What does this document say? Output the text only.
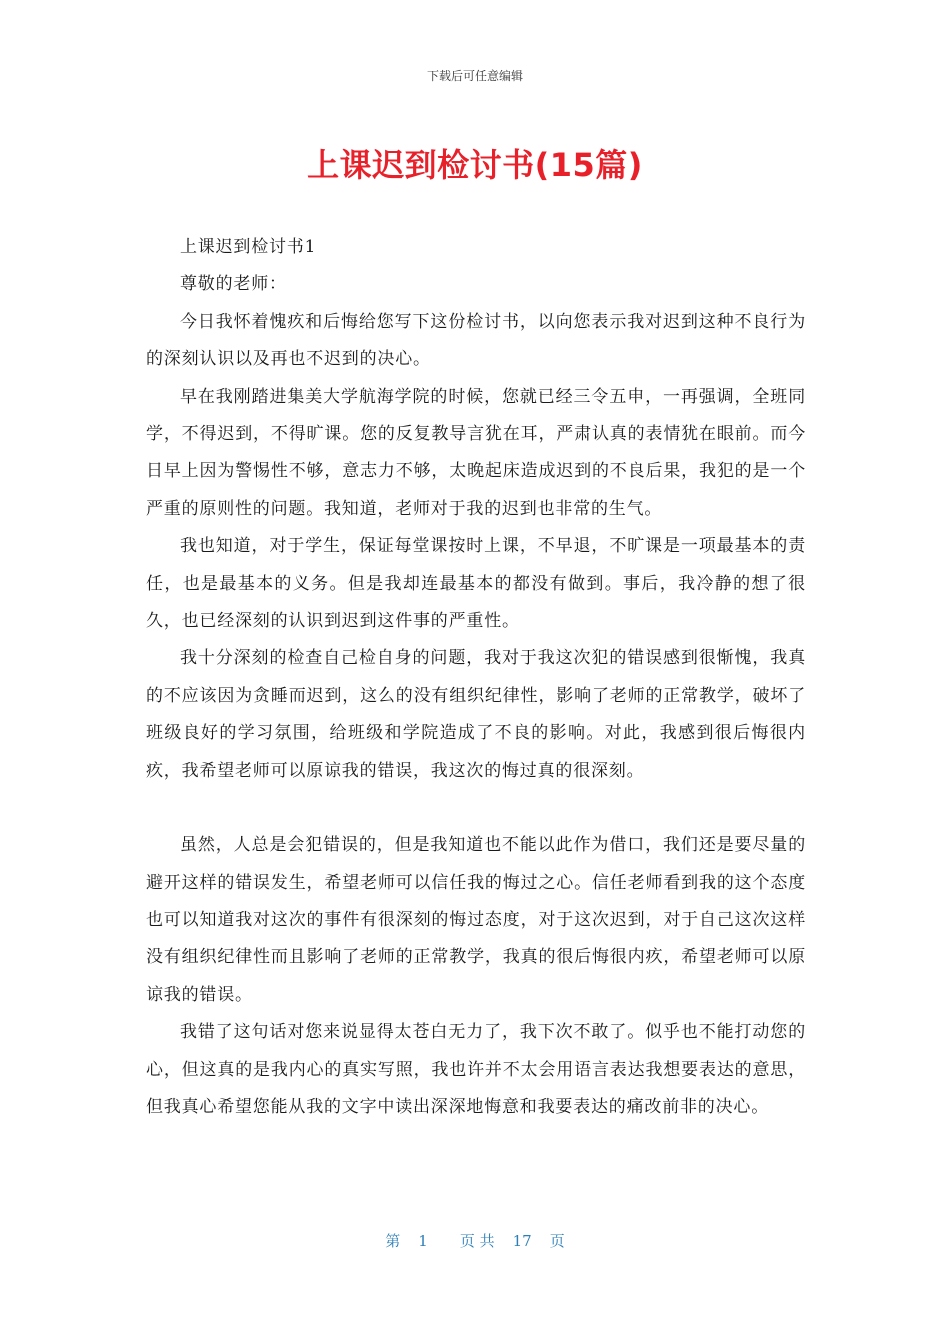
下载后可任意编辑
上课迟到检讨书(15篇)

上课迟到检讨书1

尊敬的老师：

今日我怀着愧疚和后悔给您写下这份检讨书，以向您表示我对迟到这种不良行为的深刻认识以及再也不迟到的决心。

早在我刚踏进集美大学航海学院的时候，您就已经三令五申，一再强调，全班同学，不得迟到，不得旷课。您的反复教导言犹在耳，严肃认真的表情犹在眼前。而今日早上因为警惕性不够，意志力不够，太晚起床造成迟到的不良后果，我犯的是一个严重的原则性的问题。我知道，老师对于我的迟到也非常的生气。

我也知道，对于学生，保证每堂课按时上课，不早退，不旷课是一项最基本的责任，也是最基本的义务。但是我却连最基本的都没有做到。事后，我冷静的想了很久，也已经深刻的认识到迟到这件事的严重性。

我十分深刻的检查自己检自身的问题，我对于我这次犯的错误感到很惭愧，我真的不应该因为贪睡而迟到，这么的没有组织纪律性，影响了老师的正常教学，破坏了班级良好的学习氛围，给班级和学院造成了不良的影响。对此，我感到很后悔很内疚，我希望老师可以原谅我的错误，我这次的悔过真的很深刻。

虽然，人总是会犯错误的，但是我知道也不能以此作为借口，我们还是要尽量的避开这样的错误发生，希望老师可以信任我的悔过之心。信任老师看到我的这个态度也可以知道我对这次的事件有很深刻的悔过态度，对于这次迟到，对于自己这次这样没有组织纪律性而且影响了老师的正常教学，我真的很后悔很内疚，希望老师可以原谅我的错误。

我错了这句话对您来说显得太苍白无力了，我下次不敢了。似乎也不能打动您的心，但这真的是我内心的真实写照，我也许并不太会用语言表达我想要表达的意思，但我真心希望您能从我的文字中读出深深地悔意和我要表达的痛改前非的决心。

第 1 页 共 17 页
